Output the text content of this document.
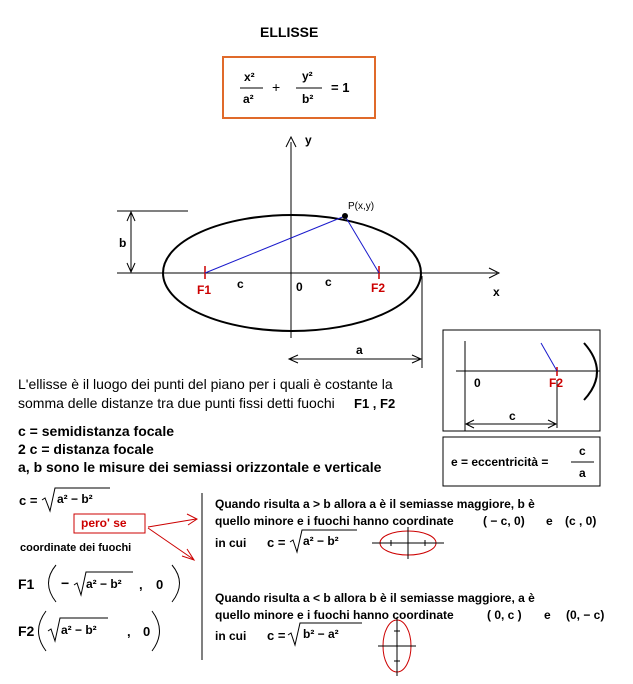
ELLISSE
x²
a²
+
y²
b²
= 1
y
x
0
P(x,y)
F1	F2
c	c
b
a
0	F2
c
e = eccentricità =
c
a
L'ellisse è il luogo dei punti del piano per i quali è costante la
somma delle distanze tra due punti fissi detti fuochi F1 , F2
c = semidistanza focale
2 c = distanza focale
a, b sono le misure dei semiassi orizzontale e verticale
c = a² − b²
pero' se
coordinate dei fuochi
F1 − a² − b² , 0
F2 a² − b² , 0
Quando risulta a > b allora a è il semiasse maggiore, b è
quello minore e i fuochi hanno coordinate ( − c, 0) e (c , 0)
in cui c = a² − b²
Quando risulta a < b allora b è il semiasse maggiore, a è
quello minore e i fuochi hanno coordinate	( 0, c ) e (0, − c)
in cui c = b² − a²
